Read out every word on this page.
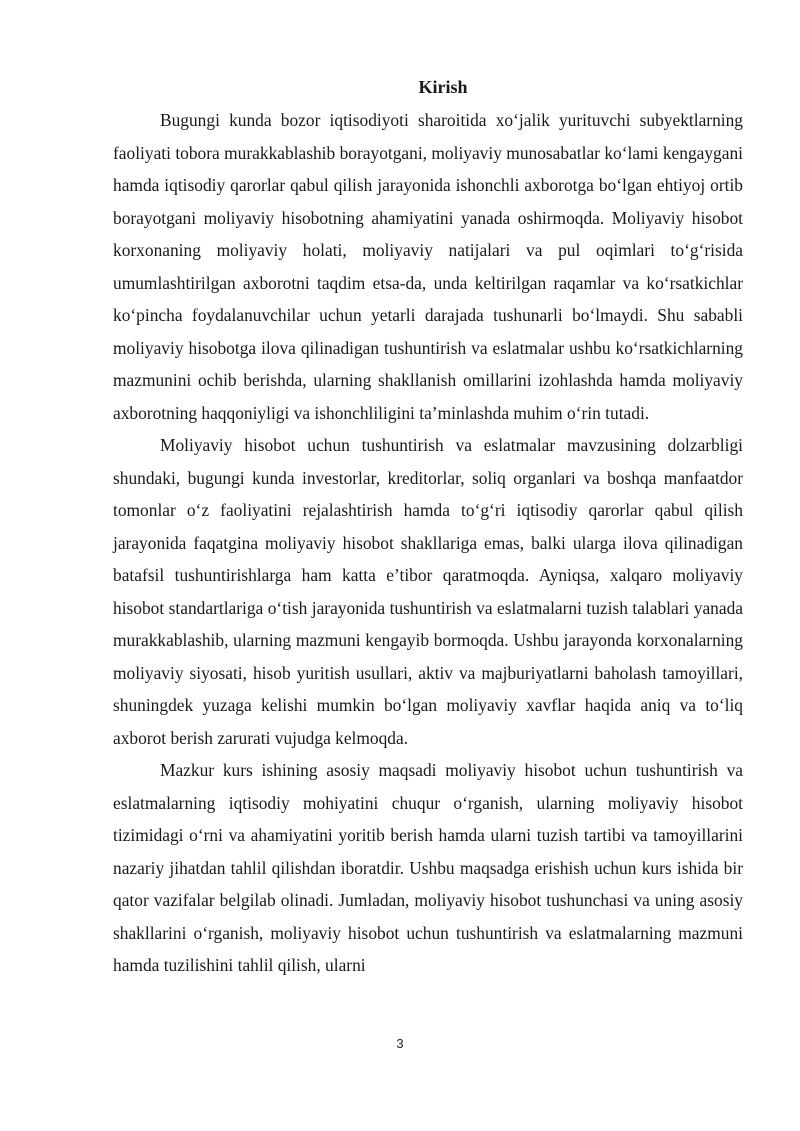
Kirish

Bugungi kunda bozor iqtisodiyoti sharoitida xo‘jalik yurituvchi subyektlarning faoliyati tobora murakkablashib borayotgani, moliyaviy munosabatlar ko‘lami kengaygani hamda iqtisodiy qarorlar qabul qilish jarayonida ishonchli axborotga bo‘lgan ehtiyoj ortib borayotgani moliyaviy hisobotning ahamiyatini yanada oshirmoqda. Moliyaviy hisobot korxonaning moliyaviy holati, moliyaviy natijalari va pul oqimlari to‘g‘risida umumlashtirilgan axborotni taqdim etsa-da, unda keltirilgan raqamlar va ko‘rsatkichlar ko‘pincha foydalanuvchilar uchun yetarli darajada tushunarli bo‘lmaydi. Shu sababli moliyaviy hisobotga ilova qilinadigan tushuntirish va eslatmalar ushbu ko‘rsatkichlarning mazmunini ochib berishda, ularning shakllanish omillarini izohlashda hamda moliyaviy axborotning haqqoniyligi va ishonchliligini ta’minlashda muhim o‘rin tutadi.

Moliyaviy hisobot uchun tushuntirish va eslatmalar mavzusining dolzarbligi shundaki, bugungi kunda investorlar, kreditorlar, soliq organlari va boshqa manfaatdor tomonlar o‘z faoliyatini rejalashtirish hamda to‘g‘ri iqtisodiy qarorlar qabul qilish jarayonida faqatgina moliyaviy hisobot shakllariga emas, balki ularga ilova qilinadigan batafsil tushuntirishlarga ham katta e’tibor qaratmoqda. Ayniqsa, xalqaro moliyaviy hisobot standartlariga o‘tish jarayonida tushuntirish va eslatmalarni tuzish talablari yanada murakkablashib, ularning mazmuni kengayib bormoqda. Ushbu jarayonda korxonalarning moliyaviy siyosati, hisob yuritish usullari, aktiv va majburiyatlarni baholash tamoyillari, shuningdek yuzaga kelishi mumkin bo‘lgan moliyaviy xavflar haqida aniq va to‘liq axborot berish zarurati vujudga kelmoqda.

Mazkur kurs ishining asosiy maqsadi moliyaviy hisobot uchun tushuntirish va eslatmalarning iqtisodiy mohiyatini chuqur o‘rganish, ularning moliyaviy hisobot tizimidagi o‘rni va ahamiyatini yoritib berish hamda ularni tuzish tartibi va tamoyillarini nazariy jihatdan tahlil qilishdan iboratdir. Ushbu maqsadga erishish uchun kurs ishida bir qator vazifalar belgilab olinadi. Jumladan, moliyaviy hisobot tushunchasi va uning asosiy shakllarini o‘rganish, moliyaviy hisobot uchun tushuntirish va eslatmalarning mazmuni hamda tuzilishini tahlil qilish, ularni

3
